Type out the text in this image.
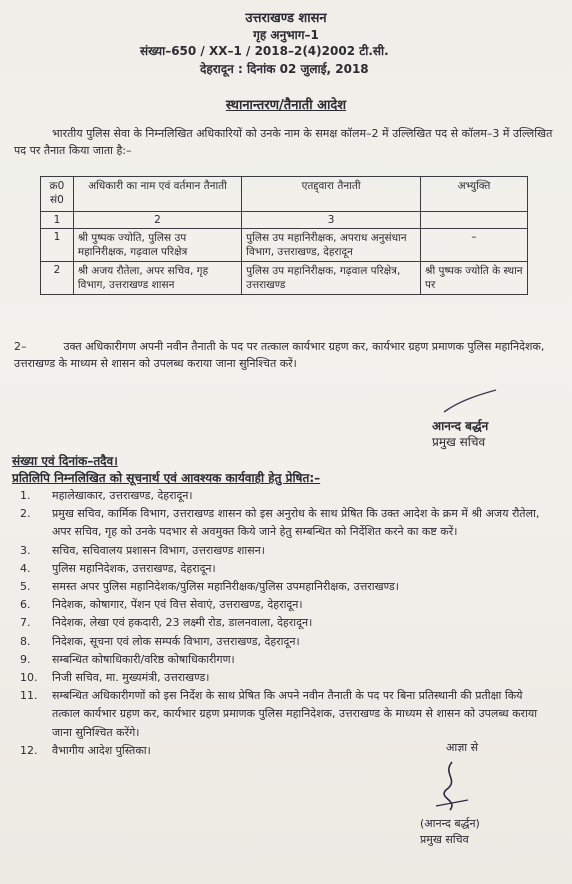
उत्तराखण्ड शासन
गृह अनुभाग–1
संख्या–650 / XX–1 / 2018–2(4)2002 टी.सी.
देहरादून : दिनांक 02 जुलाई, 2018
स्थानान्तरण/तैनाती आदेश
भारतीय पुलिस सेवा के निम्नलिखित अधिकारियों को उनके नाम के समक्ष कॉलम–2 में उल्लिखित पद से कॉलम–3 में उल्लिखित पद पर तैनात किया जाता है:–
क्र0 सं0	अधिकारी का नाम एवं वर्तमान तैनाती	एतद्द्वारा तैनाती	अभ्युक्ति
1	2	3	
1	श्री पुष्पक ज्योति, पुलिस उप महानिरीक्षक, गढ़वाल परिक्षेत्र	पुलिस उप महानिरीक्षक, अपराध अनुसंधान विभाग, उत्तराखण्ड, देहरादून	–
2	श्री अजय रौतेला, अपर सचिव, गृह विभाग, उत्तराखण्ड शासन	पुलिस उप महानिरीक्षक, गढ़वाल परिक्षेत्र, उत्तराखण्ड	श्री पुष्पक ज्योति के स्थान पर
2–	उक्त अधिकारीगण अपनी नवीन तैनाती के पद पर तत्काल कार्यभार ग्रहण कर, कार्यभार ग्रहण प्रमाणक पुलिस महानिदेशक, उत्तराखण्ड के माध्यम से शासन को उपलब्ध कराया जाना सुनिश्चित करें।
आनन्द बर्द्धन
प्रमुख सचिव
संख्या एवं दिनांक–तदैव।
प्रतिलिपि निम्नलिखित को सूचनार्थ एवं आवश्यक कार्यवाही हेतु प्रेषित:–
1. महालेखाकार, उत्तराखण्ड, देहरादून।
2. प्रमुख सचिव, कार्मिक विभाग, उत्तराखण्ड शासन को इस अनुरोध के साथ प्रेषित कि उक्त आदेश के क्रम में श्री अजय रौतेला, अपर सचिव, गृह को उनके पदभार से अवमुक्त किये जाने हेतु सम्बन्धित को निर्देशित करने का कष्ट करें।
3. सचिव, सचिवालय प्रशासन विभाग, उत्तराखण्ड शासन।
4. पुलिस महानिदेशक, उत्तराखण्ड, देहरादून।
5. समस्त अपर पुलिस महानिदेशक/पुलिस महानिरीक्षक/पुलिस उपमहानिरीक्षक, उत्तराखण्ड।
6. निदेशक, कोषागार, पेंशन एवं वित्त सेवाएं, उत्तराखण्ड, देहरादून।
7. निदेशक, लेखा एवं हकदारी, 23 लक्ष्मी रोड, डालनवाला, देहरादून।
8. निदेशक, सूचना एवं लोक सम्पर्क विभाग, उत्तराखण्ड, देहरादून।
9. सम्बन्धित कोषाधिकारी/वरिष्ठ कोषाधिकारीगण।
10. निजी सचिव, मा. मुख्यमंत्री, उत्तराखण्ड।
11. सम्बन्धित अधिकारीगणों को इस निर्देश के साथ प्रेषित कि अपने नवीन तैनाती के पद पर बिना प्रतिस्थानी की प्रतीक्षा किये तत्काल कार्यभार ग्रहण कर, कार्यभार ग्रहण प्रमाणक पुलिस महानिदेशक, उत्तराखण्ड के माध्यम से शासन को उपलब्ध कराया जाना सुनिश्चित करेंगे।
12. वैभागीय आदेश पुस्तिका।	आज्ञा से
(आनन्द बर्द्धन)
प्रमुख सचिव
